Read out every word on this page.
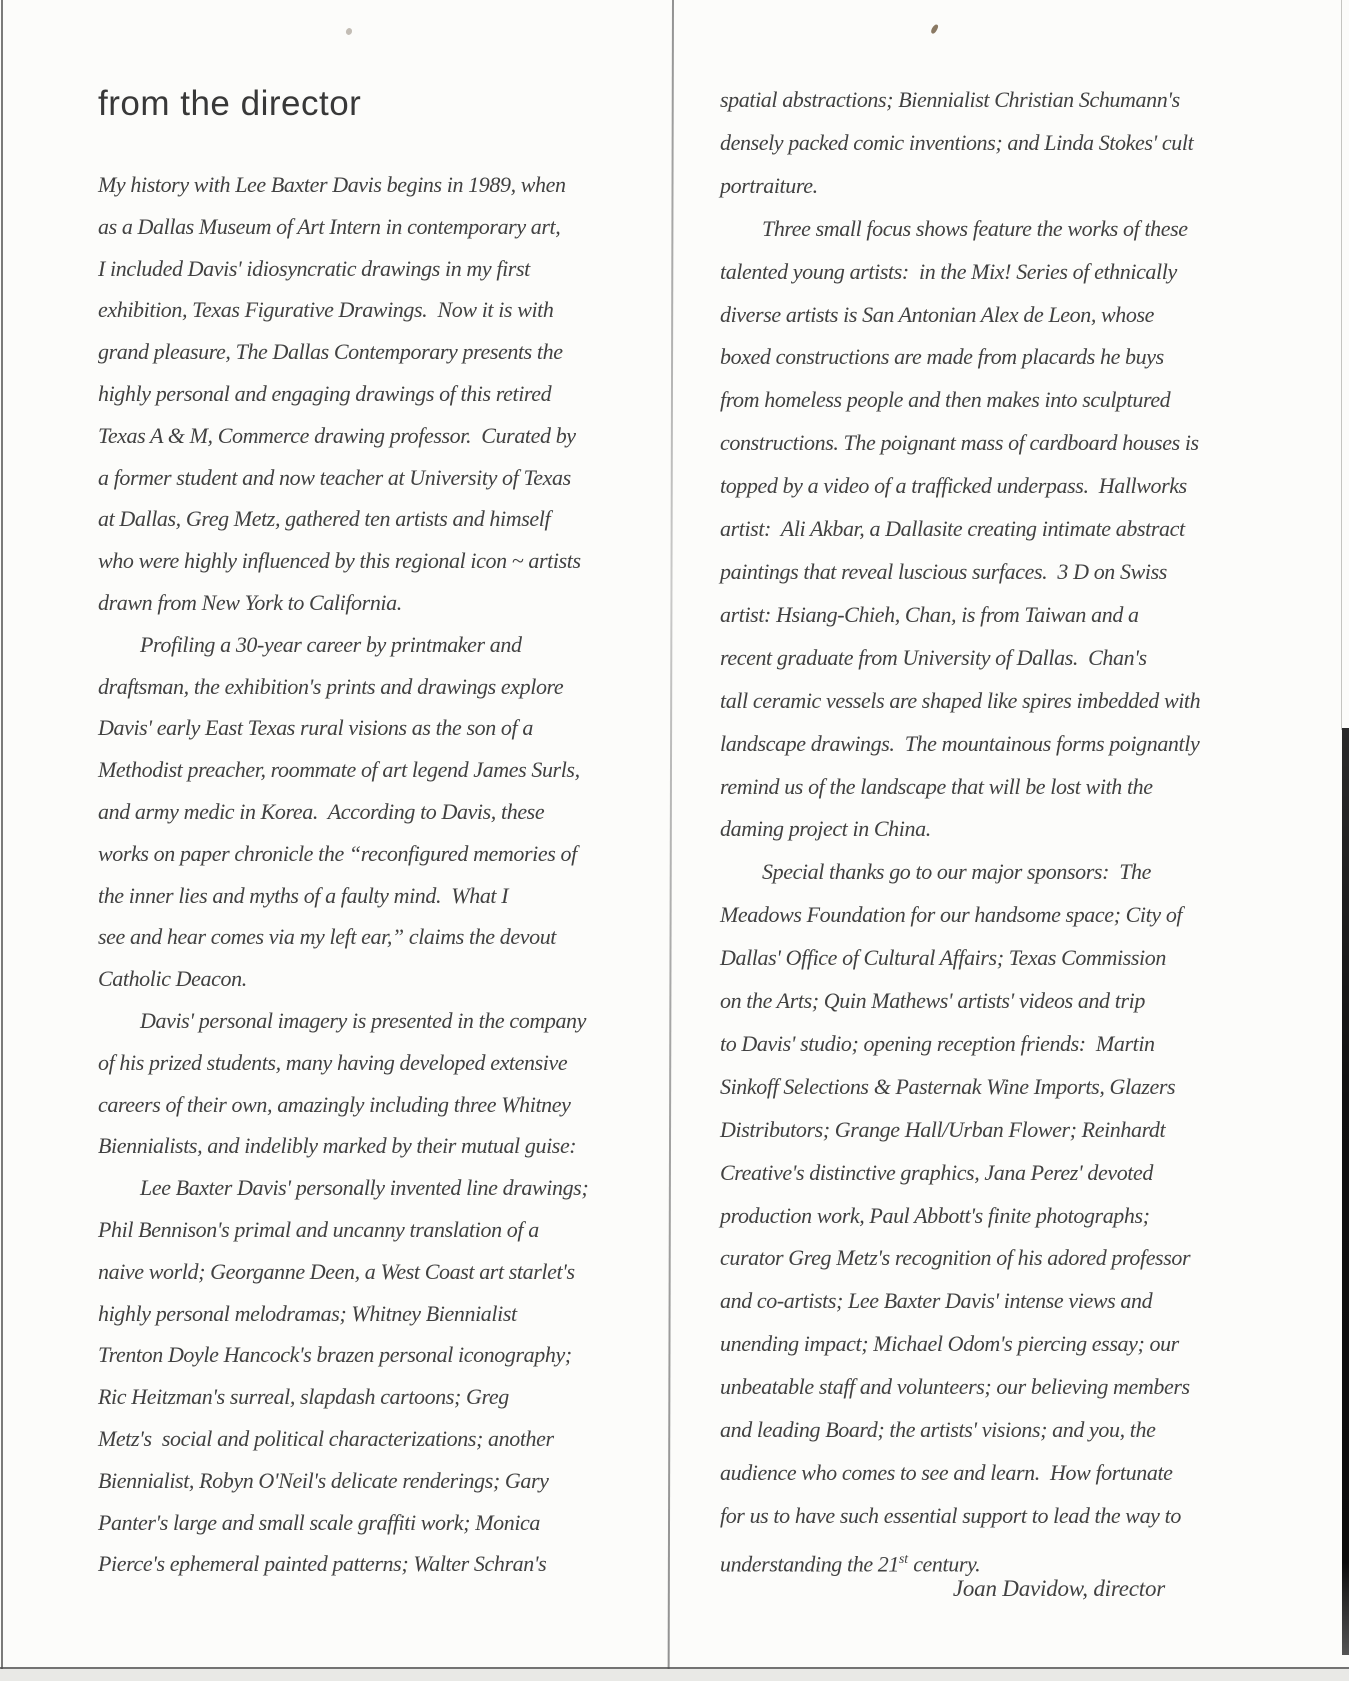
from the director
My history with Lee Baxter Davis begins in 1989, when
as a Dallas Museum of Art Intern in contemporary art,
I included Davis' idiosyncratic drawings in my first
exhibition, Texas Figurative Drawings.  Now it is with
grand pleasure, The Dallas Contemporary presents the
highly personal and engaging drawings of this retired
Texas A & M, Commerce drawing professor.  Curated by
a former student and now teacher at University of Texas
at Dallas, Greg Metz, gathered ten artists and himself
who were highly influenced by this regional icon ~ artists
drawn from New York to California.
Profiling a 30-year career by printmaker and
draftsman, the exhibition's prints and drawings explore
Davis' early East Texas rural visions as the son of a
Methodist preacher, roommate of art legend James Surls,
and army medic in Korea.  According to Davis, these
works on paper chronicle the “reconfigured memories of
the inner lies and myths of a faulty mind.  What I
see and hear comes via my left ear,” claims the devout
Catholic Deacon.
Davis' personal imagery is presented in the company
of his prized students, many having developed extensive
careers of their own, amazingly including three Whitney
Biennialists, and indelibly marked by their mutual guise:
Lee Baxter Davis' personally invented line drawings;
Phil Bennison's primal and uncanny translation of a
naive world; Georganne Deen, a West Coast art starlet's
highly personal melodramas; Whitney Biennialist
Trenton Doyle Hancock's brazen personal iconography;
Ric Heitzman's surreal, slapdash cartoons; Greg
Metz's  social and political characterizations; another
Biennialist, Robyn O'Neil's delicate renderings; Gary
Panter's large and small scale graffiti work; Monica
Pierce's ephemeral painted patterns; Walter Schran's
spatial abstractions; Biennialist Christian Schumann's
densely packed comic inventions; and Linda Stokes' cult
portraiture.
Three small focus shows feature the works of these
talented young artists:  in the Mix! Series of ethnically
diverse artists is San Antonian Alex de Leon, whose
boxed constructions are made from placards he buys
from homeless people and then makes into sculptured
constructions. The poignant mass of cardboard houses is
topped by a video of a trafficked underpass.  Hallworks
artist:  Ali Akbar, a Dallasite creating intimate abstract
paintings that reveal luscious surfaces.  3 D on Swiss
artist: Hsiang-Chieh, Chan, is from Taiwan and a
recent graduate from University of Dallas.  Chan's
tall ceramic vessels are shaped like spires imbedded with
landscape drawings.  The mountainous forms poignantly
remind us of the landscape that will be lost with the
daming project in China.
Special thanks go to our major sponsors:  The
Meadows Foundation for our handsome space; City of
Dallas' Office of Cultural Affairs; Texas Commission
on the Arts; Quin Mathews' artists' videos and trip
to Davis' studio; opening reception friends:  Martin
Sinkoff Selections & Pasternak Wine Imports, Glazers
Distributors; Grange Hall/Urban Flower; Reinhardt
Creative's distinctive graphics, Jana Perez' devoted
production work, Paul Abbott's finite photographs;
curator Greg Metz's recognition of his adored professor
and co-artists; Lee Baxter Davis' intense views and
unending impact; Michael Odom's piercing essay; our
unbeatable staff and volunteers; our believing members
and leading Board; the artists' visions; and you, the
audience who comes to see and learn.  How fortunate
for us to have such essential support to lead the way to
understanding the 21st century.
Joan Davidow, director
